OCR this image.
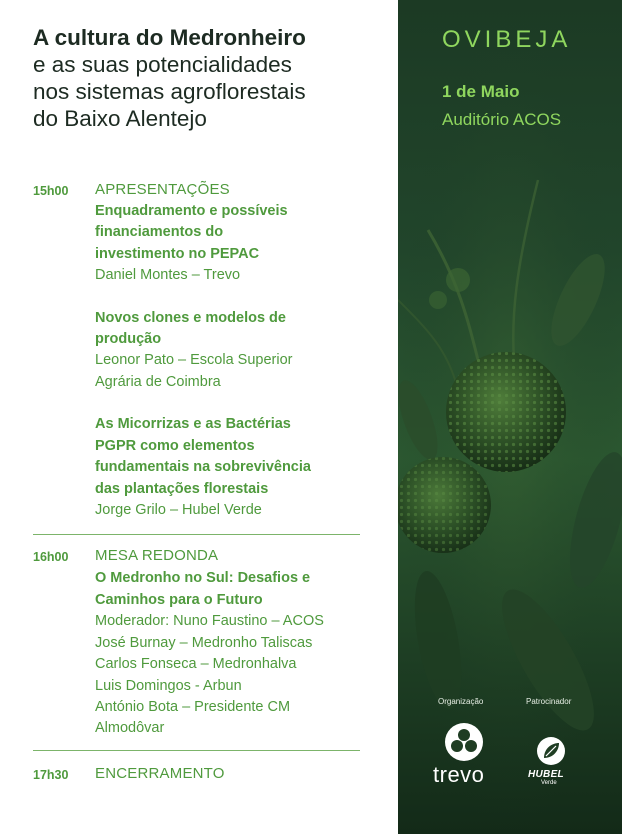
A cultura do Medronheiro
e as suas potencialidades
nos sistemas agroflorestais
do Baixo Alentejo
15h00 APRESENTAÇÕES
Enquadramento e possíveis
financiamentos do
investimento no PEPAC
Daniel Montes – Trevo
Novos clones e modelos de
produção
Leonor Pato – Escola Superior
Agrária de Coimbra
As Micorrizas e as Bactérias
PGPR como elementos
fundamentais na sobrevivência
das plantações florestais
Jorge Grilo – Hubel Verde
16h00 MESA REDONDA
O Medronho no Sul: Desafios e
Caminhos para o Futuro
Moderador: Nuno Faustino – ACOS
José Burnay – Medronho Taliscas
Carlos Fonseca – Medronhalva
Luis Domingos - Arbun
António Bota – Presidente CM
Almodôvar
17h30 ENCERRAMENTO
OVIBEJA
1 de Maio
Auditório ACOS
Organização	Patrocinador
trevo	HUBEL
Verde
